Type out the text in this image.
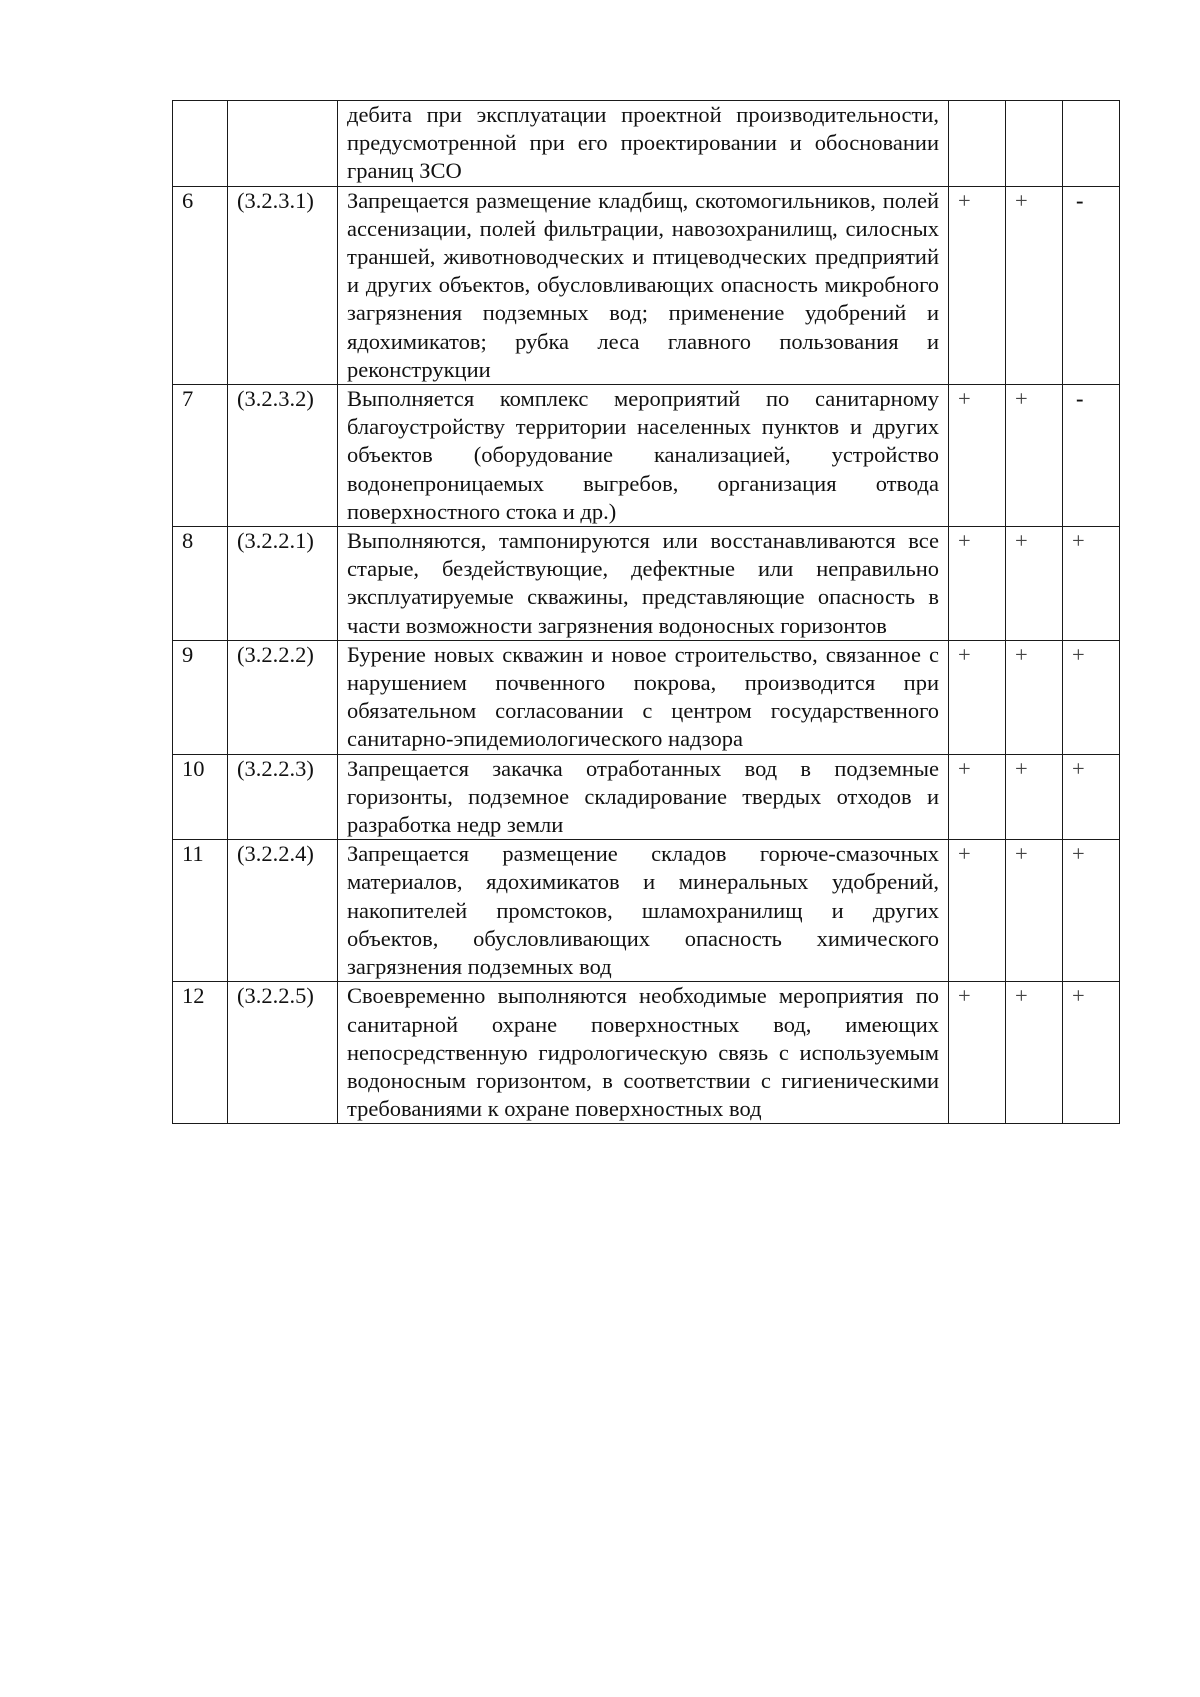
		дебита при эксплуатации проектной производительности, предусмотренной при его проектировании и обосновании границ ЗСО			
6	(3.2.3.1)	Запрещается размещение кладбищ, скотомогильников, полей ассенизации, полей фильтрации, навозохранилищ, силосных траншей, животноводческих и птицеводческих предприятий и других объектов, обусловливающих опасность микробного загрязнения подземных вод; применение удобрений и ядохимикатов; рубка леса главного пользования и реконструкции	+	+	-
7	(3.2.3.2)	Выполняется комплекс мероприятий по санитарному благоустройству территории населенных пунктов и других объектов (оборудование канализацией, устройство водонепроницаемых выгребов, организация отвода поверхностного стока и др.)	+	+	-
8	(3.2.2.1)	Выполняются, тампонируются или восстанавливаются все старые, бездействующие, дефектные или неправильно эксплуатируемые скважины, представляющие опасность в части возможности загрязнения водоносных горизонтов	+	+	+
9	(3.2.2.2)	Бурение новых скважин и новое строительство, связанное с нарушением почвенного покрова, производится при обязательном согласовании с центром государственного санитарно-эпидемиологического надзора	+	+	+
10	(3.2.2.3)	Запрещается закачка отработанных вод в подземные горизонты, подземное складирование твердых отходов и разработка недр земли	+	+	+
11	(3.2.2.4)	Запрещается размещение складов горюче-смазочных материалов, ядохимикатов и минеральных удобрений, накопителей промстоков, шламохранилищ и других объектов, обусловливающих опасность химического загрязнения подземных вод	+	+	+
12	(3.2.2.5)	Своевременно выполняются необходимые мероприятия по санитарной охране поверхностных вод, имеющих непосредственную гидрологическую связь с используемым водоносным горизонтом, в соответствии с гигиеническими требованиями к охране поверхностных вод	+	+	+
